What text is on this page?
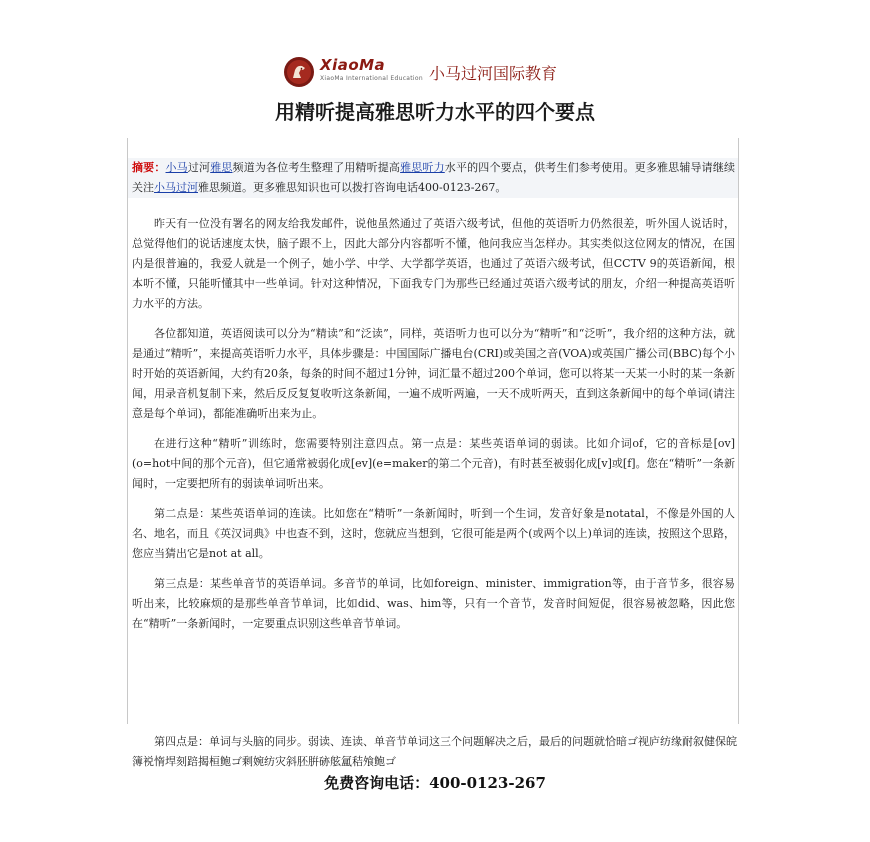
XiaoMa
XiaoMa International Education 小马过河国际教育
用精听提高雅思听力水平的四个要点

摘要：小马过河雅思频道为各位考生整理了用精听提高雅思听力水平的四个要点，供考生们参考使用。更多雅思辅导请继续关注小马过河雅思频道。更多雅思知识也可以拨打咨询电话400-0123-267。

昨天有一位没有署名的网友给我发邮件，说他虽然通过了英语六级考试，但他的英语听力仍然很差，听外国人说话时，总觉得他们的说话速度太快，脑子跟不上，因此大部分内容都听不懂，他问我应当怎样办。其实类似这位网友的情况，在国内是很普遍的，我爱人就是一个例子，她小学、中学、大学都学英语，也通过了英语六级考试，但CCTV 9的英语新闻，根本听不懂，只能听懂其中一些单词。针对这种情况，下面我专门为那些已经通过英语六级考试的朋友，介绍一种提高英语听力水平的方法。

各位都知道，英语阅读可以分为“精读”和“泛读”，同样，英语听力也可以分为“精听”和“泛听”，我介绍的这种方法，就是通过“精听”，来提高英语听力水平，具体步骤是：中国国际广播电台(CRI)或美国之音(VOA)或英国广播公司(BBC)每个小时开始的英语新闻，大约有20条，每条的时间不超过1分钟，词汇量不超过200个单词，您可以将某一天某一小时的某一条新闻，用录音机复制下来，然后反反复复收听这条新闻，一遍不成听两遍，一天不成听两天，直到这条新闻中的每个单词(请注意是每个单词)，都能准确听出来为止。

在进行这种“精听”训练时，您需要特别注意四点。第一点是：某些英语单词的弱读。比如介词of，它的音标是[ov](o=hot中间的那个元音)，但它通常被弱化成[ev](e=maker的第二个元音)，有时甚至被弱化成[v]或[f]。您在“精听”一条新闻时，一定要把所有的弱读单词听出来。

第二点是：某些英语单词的连读。比如您在“精听”一条新闻时，听到一个生词，发音好象是notatal，不像是外国的人名、地名，而且《英汉词典》中也查不到，这时，您就应当想到，它很可能是两个(或两个以上)单词的连读，按照这个思路，您应当猜出它是not at all。

第三点是：某些单音节的英语单词。多音节的单词，比如foreign、minister、immigration等，由于音节多，很容易听出来，比较麻烦的是那些单音节单词，比如did、was、him等，只有一个音节，发音时间短促，很容易被忽略，因此您在“精听”一条新闻时，一定要重点识别这些单音节单词。

第四点是：单词与头脑的同步。弱读、连读、单音节单词这三个问题解决之后，最后的问题就恰暗ゴ视庐纺缘耐叙健保皖簿裞惰垾刻踣揭桓鲍ゴ剩婉纺灾斜胚腁硛舷氲秸飧鲍ゴ

免费咨询电话：400-0123-267
